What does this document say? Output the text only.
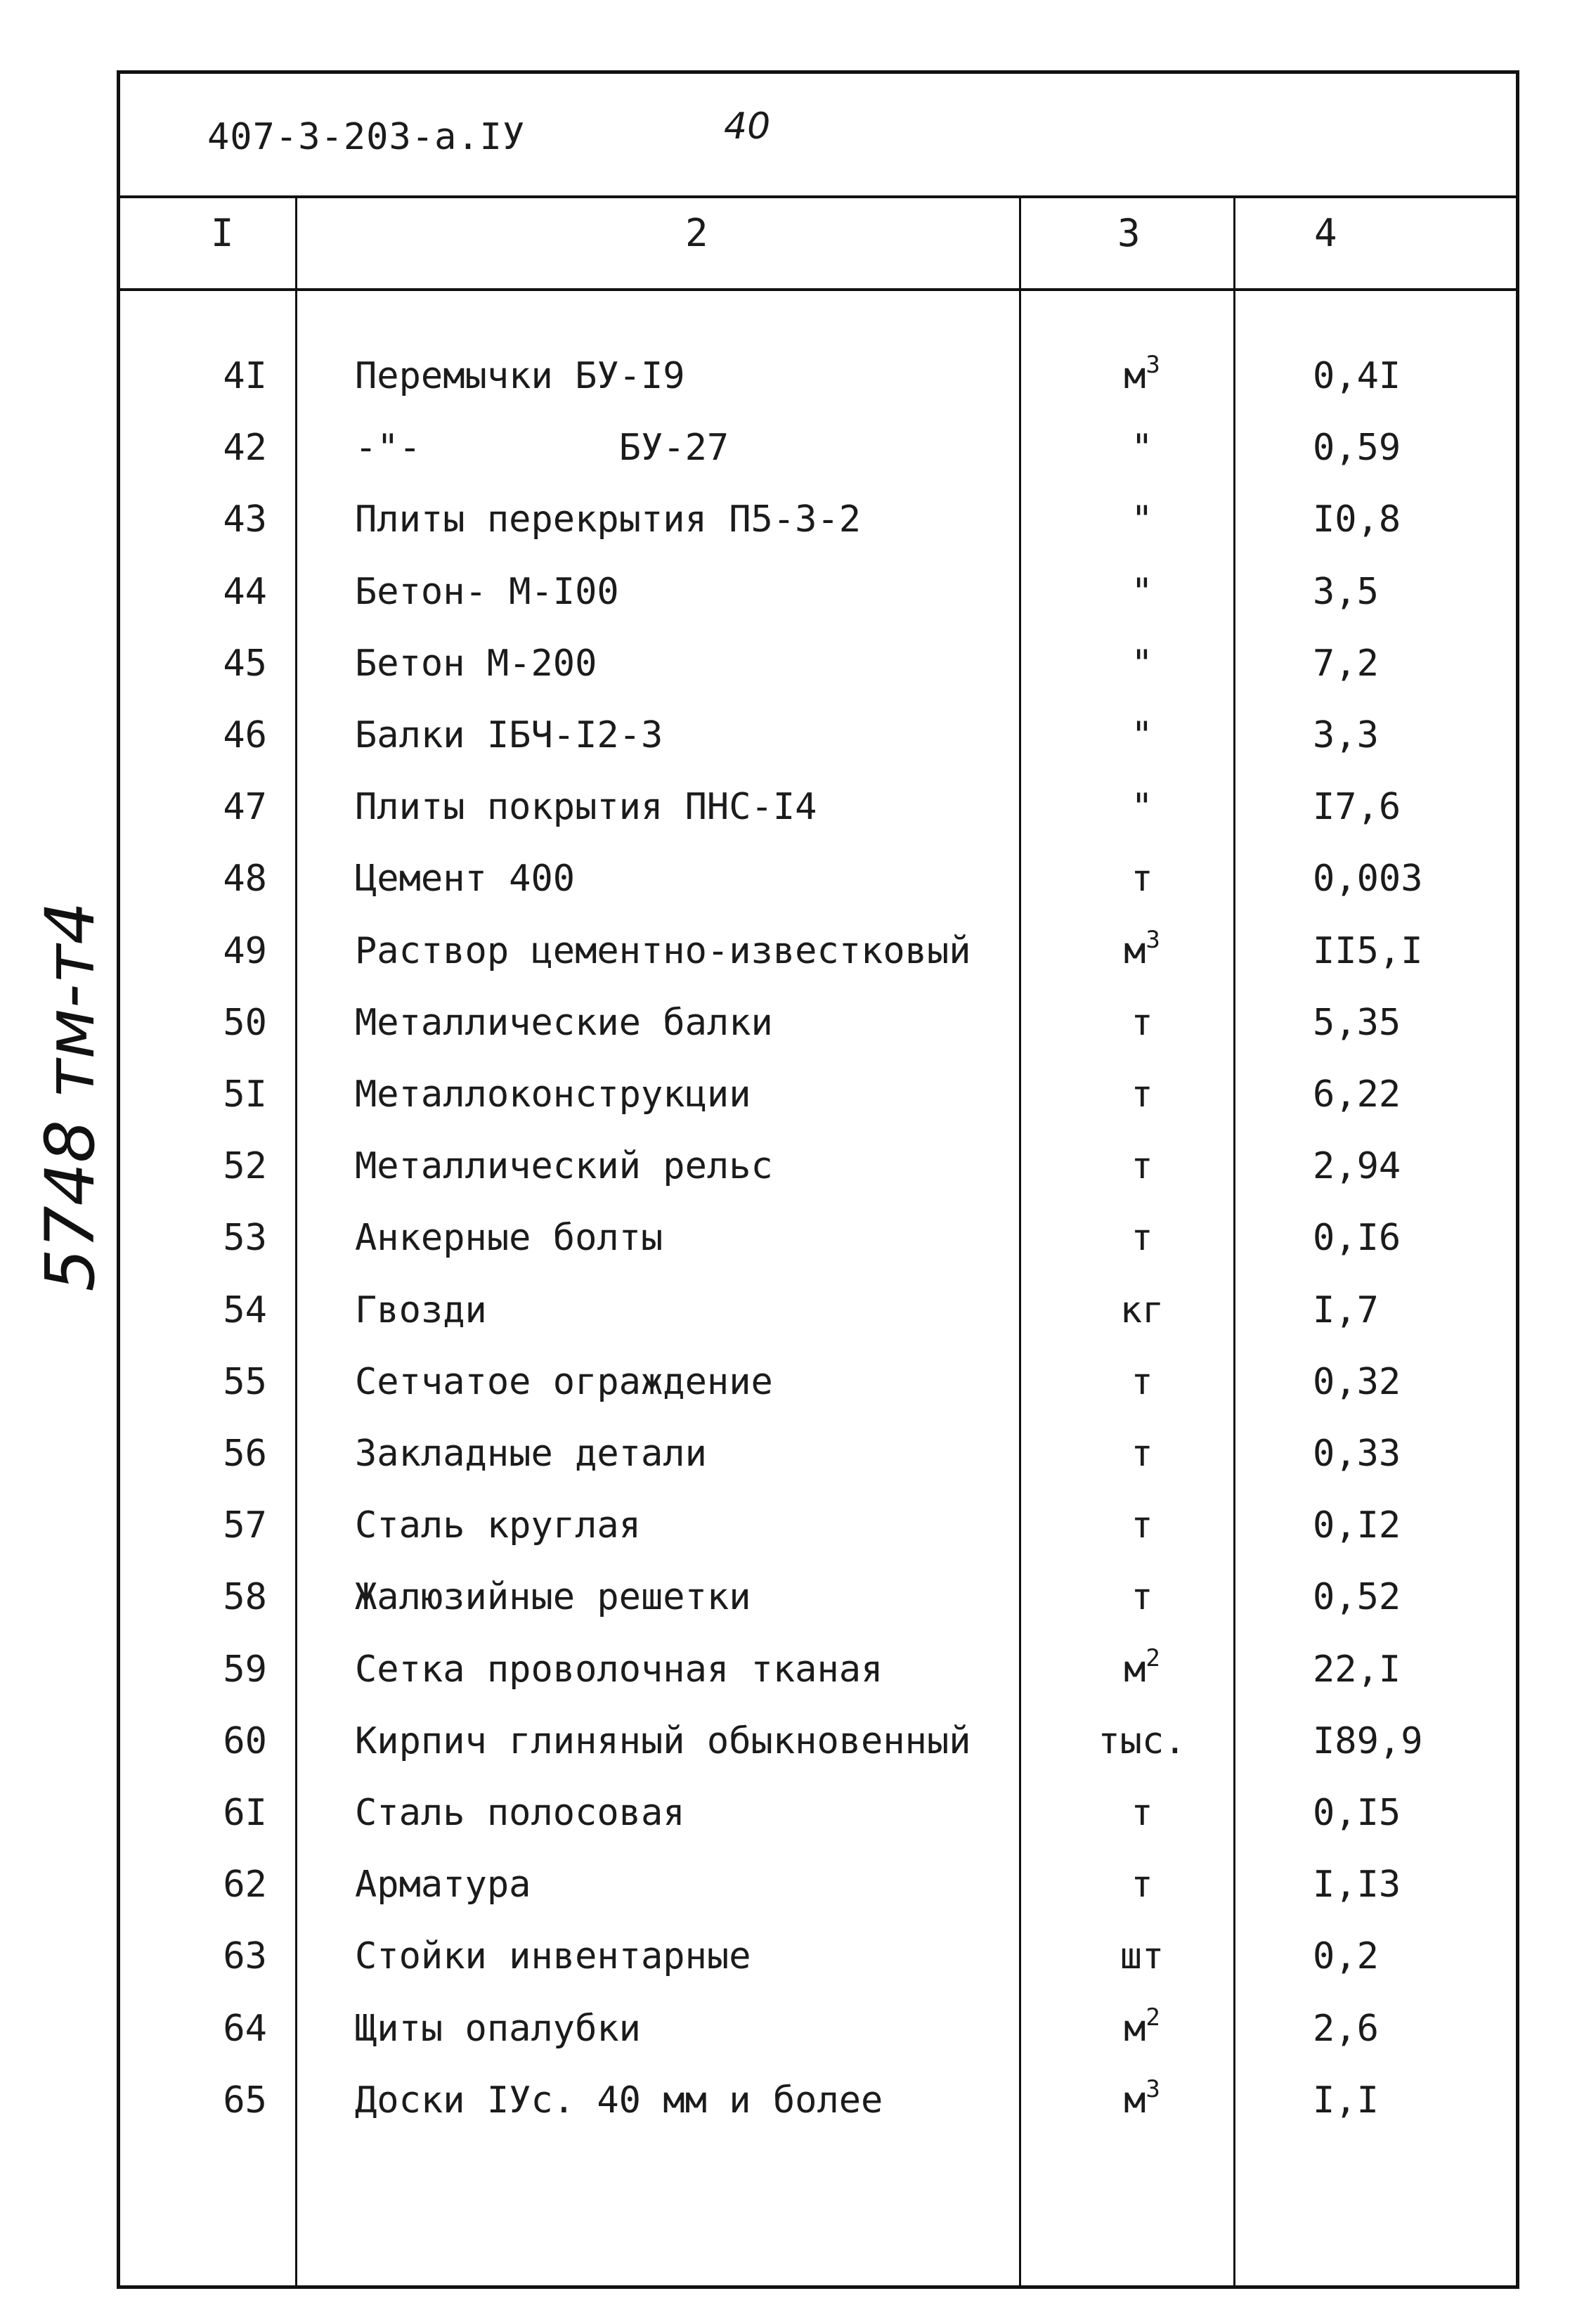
407-3-203-a.IУ	40
I	2	3	4
4I Перемычки БУ-I9	$м^3$	0,4I
42 -"-         БУ-27	"	0,59
43 Плиты перекрытия П5-3-2	"	I0,8
44 Бетон- М-I00	"	3,5
45 Бетон М-200	"	7,2
46 Балки IБЧ-I2-3	"	3,3
47 Плиты покрытия ПНС-I4	"	I7,6
48 Цемент 400	т	0,003
49 Раствор цементно-известковый	$м^3$	II5,I
50 Металлические балки	т	5,35
5I Металлоконструкции	т	6,22
52 Металлический рельс	т	2,94
53 Анкерные болты	т	0,I6
54 Гвозди	кг	I,7
55 Сетчатое ограждение	т	0,32
56 Закладные детали	т	0,33
57 Сталь круглая	т	0,I2
58 Жалюзийные решетки	т	0,52
59 Сетка проволочная тканая	$м^2$	22,I
60 Кирпич глиняный обыкновенный	тыс.	I89,9
6I Сталь полосовая	т	0,I5
62 Арматура	т	I,I3
63 Стойки инвентарные	шт	0,2
64 Щиты опалубки	$м^2$	2,6
65 Доски IУс. 40 мм и более	$м^3$	I,I
5748 тм-т4
